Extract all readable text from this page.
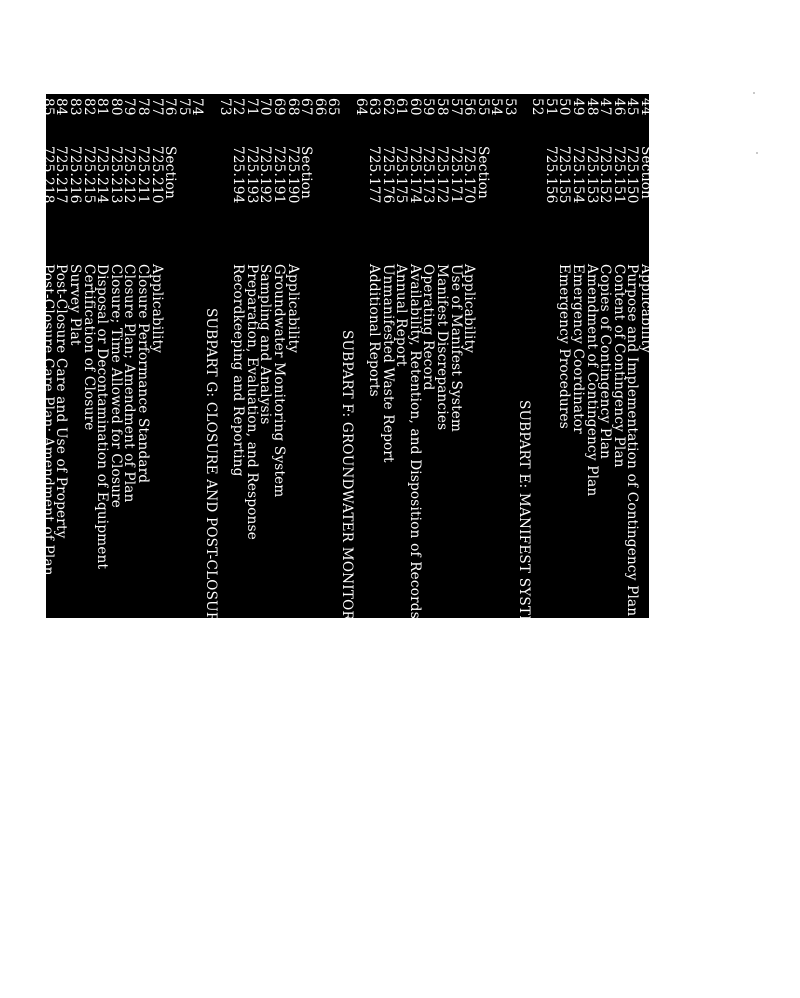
44
Section
Applicability
45
725.150
Purpose and Implementation of Contingency Plan
46
725.151
Content of Contingency Plan
47
725.152
Copies of Contingency Plan
48
725.153
Amendment of Contingency Plan
49
725.154
Emergency Coordinator
50
725.155
Emergency Procedures
51
725.156
52
SUBPART E: MANIFEST SYSTEM, RECORDKEEPING, AND REPORTING
53
54
55
Section
56
725.170
Applicability
57
725.171
Use of Manifest System
58
725.172
Manifest Discrepancies
59
725.173
Operating Record
60
725.174
Availability, Retention, and Disposition of Records
61
725.175
Annual Report
62
725.176
Unmanifested Waste Report
63
725.177
Additional Reports
64
SUBPART F: GROUNDWATER MONITORING
65
66
67
Section
68
725.190
Applicability
69
725.191
Groundwater Monitoring System
70
725.192
Sampling and Analysis
71
725.193
Preparation, Evaluation, and Response
72
725.194
Recordkeeping and Reporting
73
SUBPART G: CLOSURE AND POST-CLOSURE CARE
74
75
76
Section
77
725.210
Applicability
78
725.211
Closure Performance Standard
79
725.212
Closure Plan; Amendment of Plan
80
725.213
Closure; Time Allowed for Closure
81
725.214
Disposal or Decontamination of Equipment
82
725.215
Certification of Closure
83
725.216
Survey Plat
84
725.217
Post-Closure Care and Use of Property
85
725.218
Post-Closure Care Plan; Amendment of Plan
86
725.219
Post-Closure Notices
